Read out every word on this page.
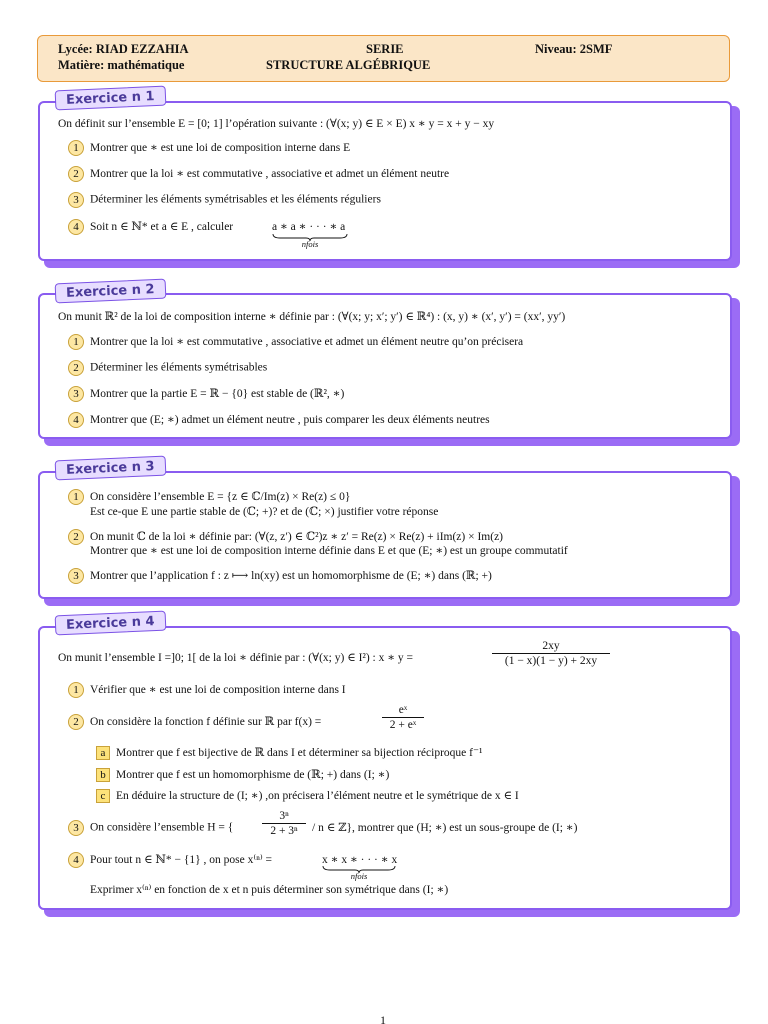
Lycée: RIAD EZZAHIA
Matière: mathématique
SERIE
STRUCTURE ALGÉBRIQUE
Niveau: 2SMF
On définit sur l’ensemble E = [0; 1] l’opération suivante : (∀(x; y) ∈ E × E) x ∗ y = x + y − xy
1 Montrer que ∗ est une loi de composition interne dans E
2 Montrer que la loi ∗ est commutative , associative et admet un élément neutre
3 Déterminer les éléments symétrisables et les éléments réguliers
4 Soit n ∈ ℕ* et a ∈ E , calculer	a ∗ a ∗ · · · ∗ a
nfois
Exercice n 1
On munit ℝ² de la loi de composition interne ∗ définie par : (∀(x; y; x′; y′) ∈ ℝ⁴) : (x, y) ∗ (x′, y′) = (xx′, yy′)
1 Montrer que la loi ∗ est commutative , associative et admet un élément neutre qu’on précisera
2 Déterminer les éléments symétrisables
3 Montrer que la partie E = ℝ − {0} est stable de (ℝ², ∗)
4 Montrer que (E; ∗) admet un élément neutre , puis comparer les deux éléments neutres
Exercice n 2
1 On considère l’ensemble E = {z ∈ ℂ/Im(z) × Re(z) ≤ 0}
Est ce-que E une partie stable de (ℂ; +)? et de (ℂ; ×) justifier votre réponse
2 On munit ℂ de la loi ∗ définie par: (∀(z, z′) ∈ ℂ²)z ∗ z′ = Re(z) × Re(z) + iIm(z) × Im(z)
Montrer que ∗ est une loi de composition interne définie dans E et que (E; ∗) est un groupe commutatif
3 Montrer que l’application f : z ⟼ ln(xy) est un homomorphisme de (E; ∗) dans (ℝ; +)
Exercice n 3
On munit l’ensemble I =]0; 1[ de la loi ∗ définie par : (∀(x; y) ∈ I²) : x ∗ y =
2xy
(1 − x)(1 − y) + 2xy
1 Vérifier que ∗ est une loi de composition interne dans I
2 On considère la fonction f définie sur ℝ par f(x) =
eˣ
2 + eˣ
a Montrer que f est bijective de ℝ dans I et déterminer sa bijection réciproque f⁻¹
b Montrer que f est un homomorphisme de (ℝ; +) dans (I; ∗)
c En déduire la structure de (I; ∗) ,on précisera l’élément neutre et le symétrique de x ∈ I
3 On considère l’ensemble H = {
3ⁿ
2 + 3ⁿ	/ n ∈ ℤ}, montrer que (H; ∗) est un sous-groupe de (I; ∗)
4 Pour tout n ∈ ℕ* − {1} , on pose x⁽ⁿ⁾ =	x ∗ x ∗ · · · ∗ x
nfois
Exprimer x⁽ⁿ⁾ en fonction de x et n puis déterminer son symétrique dans (I; ∗)
Exercice n 4
1
